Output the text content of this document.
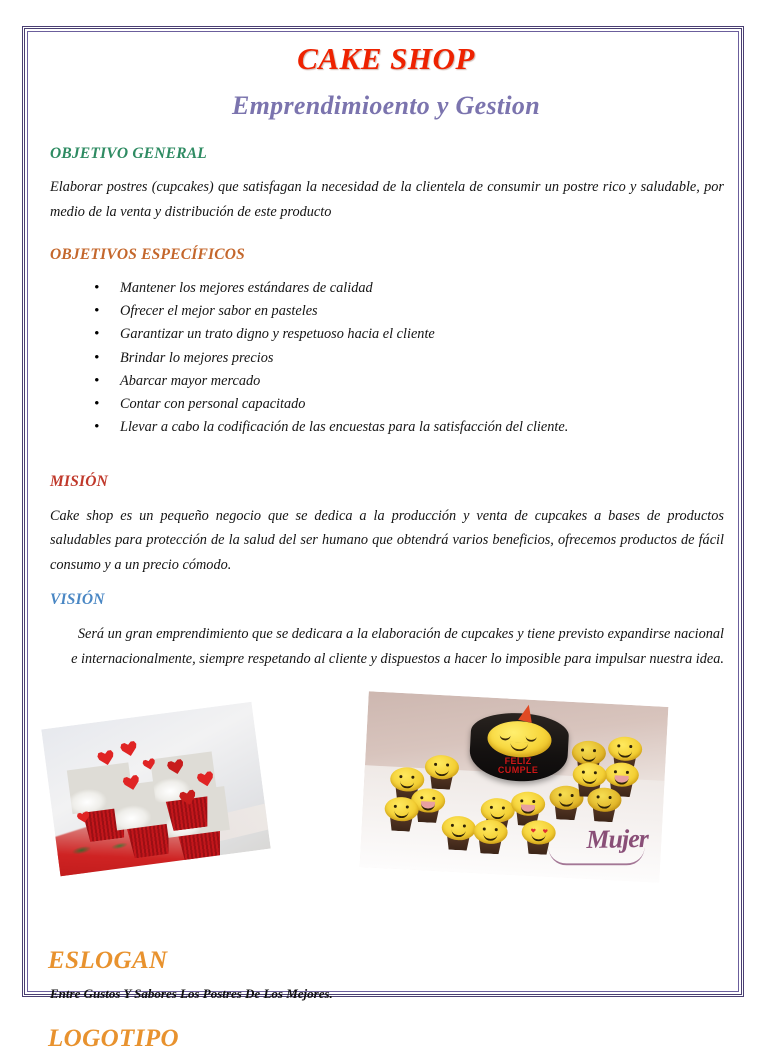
CAKE SHOP
Emprendimioento y Gestion
OBJETIVO GENERAL

Elaborar postres (cupcakes) que satisfagan la necesidad de la clientela de consumir un postre rico y saludable, por medio de la venta y distribución de este producto

OBJETIVOS ESPECÍFICOS
• Mantener los mejores estándares de calidad
• Ofrecer el mejor sabor en pasteles
• Garantizar un trato digno y respetuoso hacia el cliente
• Brindar lo mejores precios
• Abarcar mayor mercado
• Contar con personal capacitado
• Llevar a cabo la codificación de las encuestas para la satisfacción del cliente.
MISIÓN

Cake shop es un pequeño negocio que se dedica a la producción y venta de cupcakes a bases de productos saludables para protección de la salud del ser humano que obtendrá varios beneficios, ofrecemos productos de fácil consumo y a un precio cómodo.

VISIÓN

Será un gran emprendimiento que se dedicara a la elaboración de cupcakes y tiene previsto expandirse nacional e internacionalmente, siempre respetando al cliente y dispuestos a hacer lo imposible para impulsar nuestra idea.

FELIZ CUMPLE
Mujer
ESLOGAN

Entre Gustos Y Sabores Los Postres De Los Mejores.

LOGOTIPO
